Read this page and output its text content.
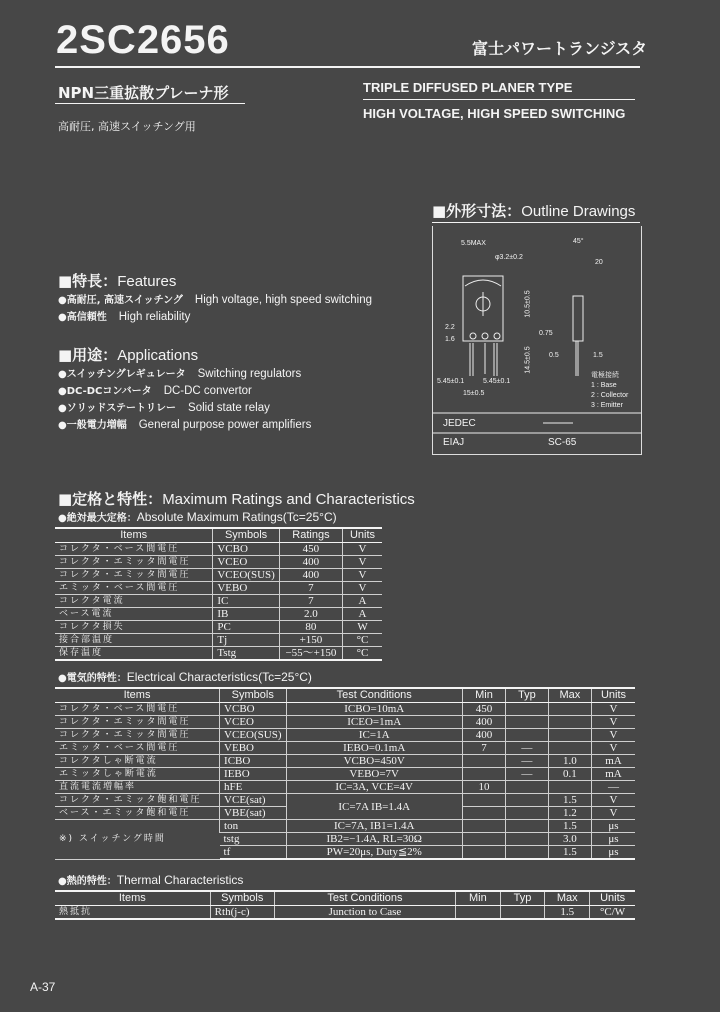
2SC2656	富士パワートランジスタ
NPN三重拡散プレーナ形
高耐圧, 高速スイッチング用
TRIPLE DIFFUSED PLANER TYPE
HIGH VOLTAGE, HIGH SPEED SWITCHING
■外形寸法：Outline Drawings
5.5MAX
φ3.2±0.2
45°
20
10.5±0.5
14.5±0.5
2.2
1.6
5.45±0.1	5.45±0.1
15±0.5
0.5	1.5
0.75
電極接続
1 : Base
2 : Collector
3 : Emitter
JEDEC
EIAJ	SC-65
■特長：Features
●高耐圧, 高速スイッチング High voltage, high speed switching
●高信頼性 High reliability
■用途：Applications
●スイッチングレギュレータ Switching regulators
●DC-DCコンバータ DC-DC convertor
●ソリッドステートリレー Solid state relay
●一般電力増幅 General purpose power amplifiers
■定格と特性：Maximum Ratings and Characteristics
●絶対最大定格：Absolute Maximum Ratings(Tc=25°C)
Items	Symbols	Ratings	Units
コレクタ・ベース間電圧	VCBO	450	V
コレクタ・エミッタ間電圧	VCEO	400	V
コレクタ・エミッタ間電圧	VCEO(SUS)	400	V
エミッタ・ベース間電圧	VEBO	7	V
コレクタ電流	IC	7	A
ベース電流	IB	2.0	A
コレクタ損失	PC	80	W
接合部温度	Tj	+150	°C
保存温度	Tstg	−55〜+150	°C
●電気的特性：Electrical Characteristics(Tc=25°C)
Items	Symbols	Test Conditions	Min	Typ	Max	Units
コレクタ・ベース間電圧	VCBO	ICBO=10mA	450			V
コレクタ・エミッタ間電圧	VCEO	ICEO=1mA	400			V
コレクタ・エミッタ間電圧	VCEO(SUS)	IC=1A	400			V
エミッタ・ベース間電圧	VEBO	IEBO=0.1mA	7	—		V
コレクタしゃ断電流	ICBO	VCBO=450V		—	1.0	mA
エミッタしゃ断電流	IEBO	VEBO=7V		—	0.1	mA
直流電流増幅率	hFE	IC=3A, VCE=4V	10			—
コレクタ・エミッタ飽和電圧	VCE(sat)	IC=7A IB=1.4A			1.5	V
ベース・エミッタ飽和電圧	VBE(sat)				1.2	V
※) スイッチング時間	ton	IC=7A, IB1=1.4A			1.5	μs
	tstg	IB2=−1.4A, RL=30Ω			3.0	μs
	tf	PW=20μs, Duty≦2%			1.5	μs
●熱的特性：Thermal Characteristics
Items	Symbols	Test Conditions	Min	Typ	Max	Units
熱抵抗	Rth(j-c)	Junction to Case			1.5	°C/W
A-37
